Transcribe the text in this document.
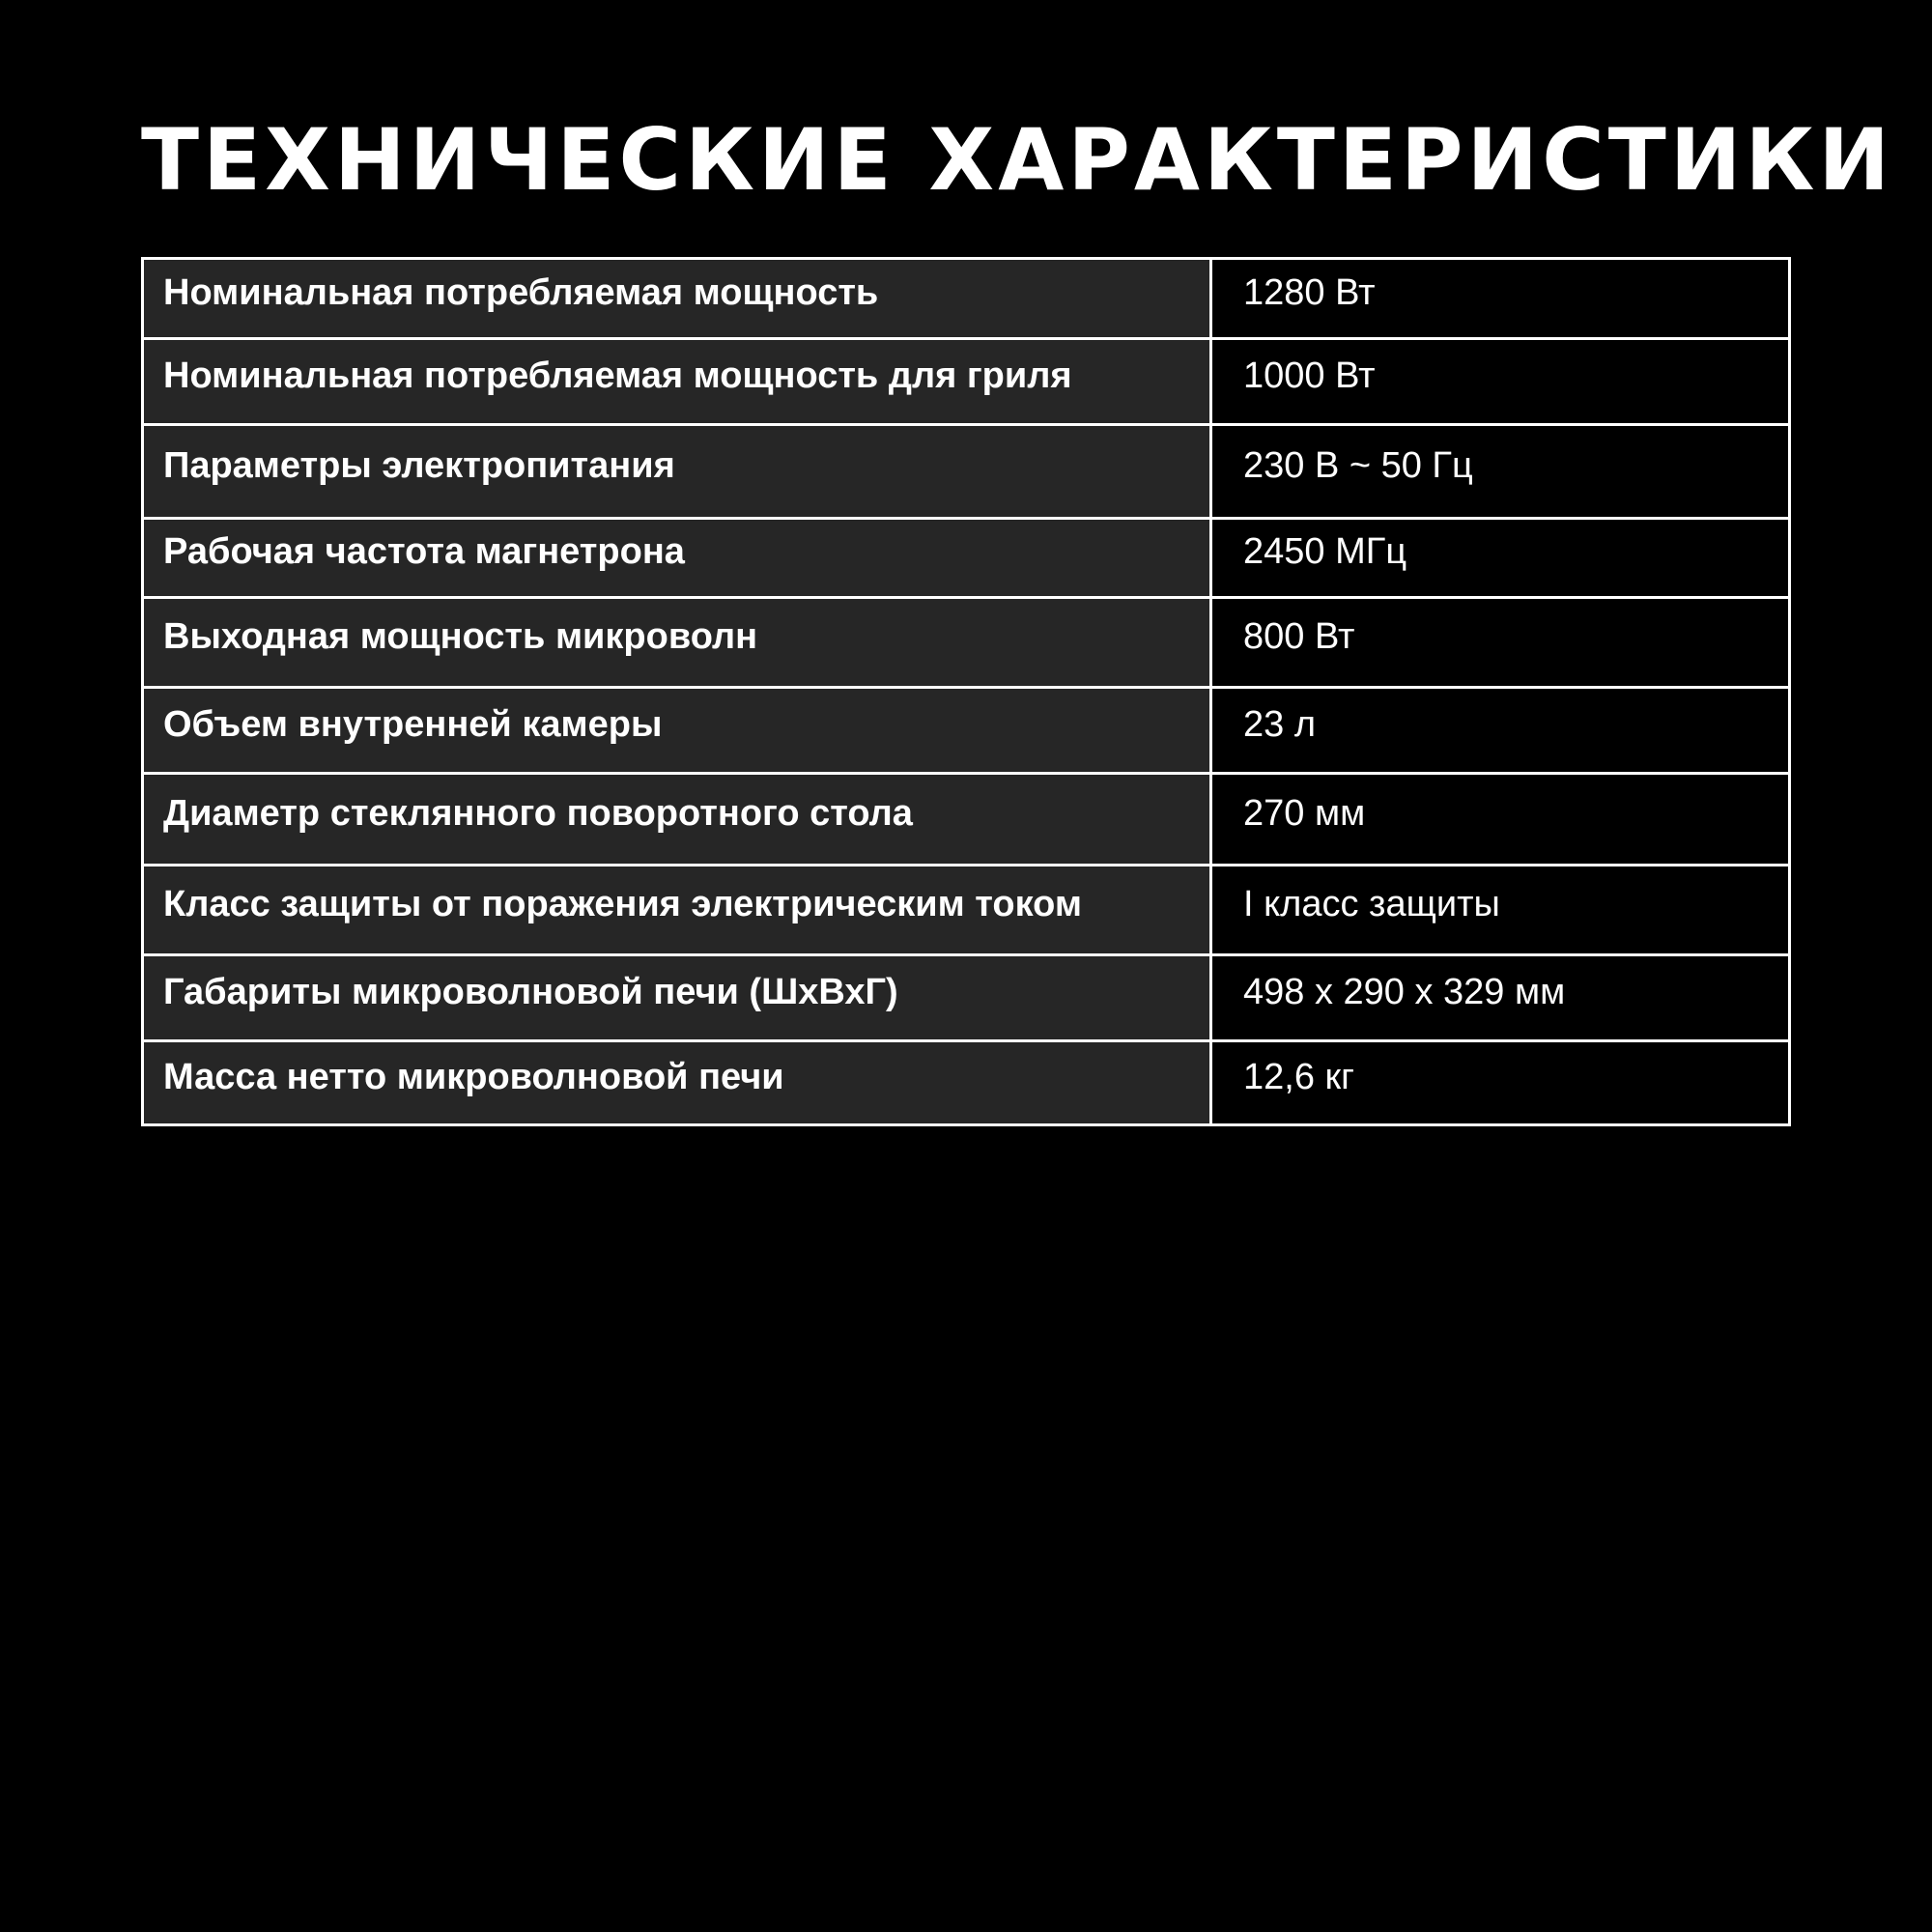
ТЕХНИЧЕСКИЕ ХАРАКТЕРИСТИКИ
Номинальная потребляемая мощность	1280 Вт

Номинальная потребляемая мощность для гриля	1000 Вт

Параметры электропитания	230 В ~ 50 Гц

Рабочая частота магнетрона	2450 МГц

Выходная мощность микроволн	800 Вт

Объем внутренней камеры	23 л

Диаметр стеклянного поворотного стола	270 мм

Класс защиты от поражения электрическим током	I класс защиты

Габариты микроволновой печи (ШхВхГ)	498 х 290 х 329 мм

Масса нетто микроволновой печи	12,6 кг
